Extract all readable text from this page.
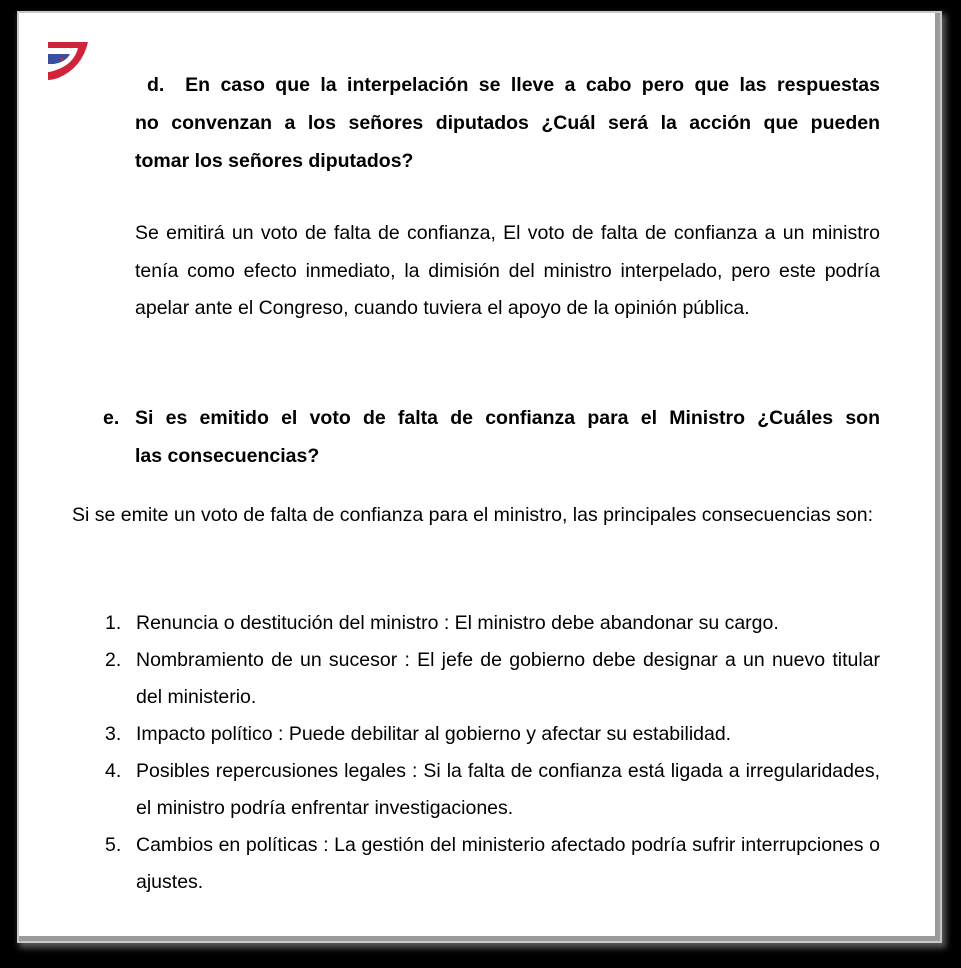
d. En caso que la interpelación se lleve a cabo pero que las respuestas
no convenzan a los señores diputados ¿Cuál será la acción que pueden
tomar los señores diputados?
Se emitirá un voto de falta de confianza, El voto de falta de confianza a un ministro tenía como efecto inmediato, la dimisión del ministro interpelado, pero este podría apelar ante el Congreso, cuando tuviera el apoyo de la opinión pública.
e. Si es emitido el voto de falta de confianza para el Ministro ¿Cuáles son
las consecuencias?
Si se emite un voto de falta de confianza para el ministro, las principales consecuencias son:
1. Renuncia o destitución del ministro : El ministro debe abandonar su cargo.
2. Nombramiento de un sucesor : El jefe de gobierno debe designar a un nuevo titular del ministerio.
3. Impacto político : Puede debilitar al gobierno y afectar su estabilidad.
4. Posibles repercusiones legales : Si la falta de confianza está ligada a irregularidades, el ministro podría enfrentar investigaciones.
5. Cambios en políticas : La gestión del ministerio afectado podría sufrir interrupciones o ajustes.
